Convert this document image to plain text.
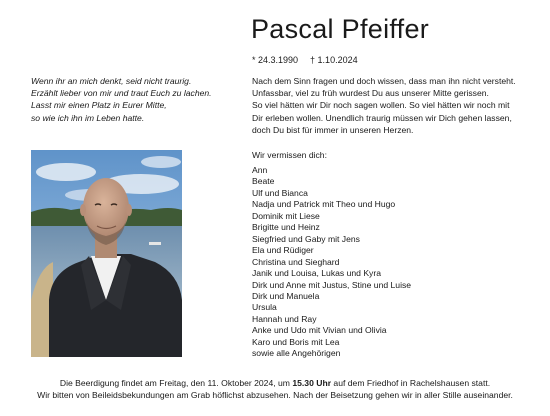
Pascal Pfeiffer
* 24.3.1990 † 1.10.2024
Wenn ihr an mich denkt, seid nicht traurig.
Erzählt lieber von mir und traut Euch zu lachen.
Lasst mir einen Platz in Eurer Mitte,
so wie ich ihn im Leben hatte.
Nach dem Sinn fragen und doch wissen, dass man ihn nicht versteht.
Unfassbar, viel zu früh wurdest Du aus unserer Mitte gerissen.
So viel hätten wir Dir noch sagen wollen. So viel hätten wir noch mit
Dir erleben wollen. Unendlich traurig müssen wir Dich gehen lassen,
doch Du bist für immer in unseren Herzen.
Wir vermissen dich:
Ann
Beate
Ulf und Bianca
Nadja und Patrick mit Theo und Hugo
Dominik mit Liese
Brigitte und Heinz
Siegfried und Gaby mit Jens
Ela und Rüdiger
Christina und Sieghard
Janik und Louisa, Lukas und Kyra
Dirk und Anne mit Justus, Stine und Luise
Dirk und Manuela
Ursula
Hannah und Ray
Anke und Udo mit Vivian und Olivia
Karo und Boris mit Lea
sowie alle Angehörigen
Die Beerdigung findet am Freitag, den 11. Oktober 2024, um 15.30 Uhr auf dem Friedhof in Rachelshausen statt.
Wir bitten von Beileidsbekundungen am Grab höflichst abzusehen. Nach der Beisetzung gehen wir in aller Stille auseinander.
